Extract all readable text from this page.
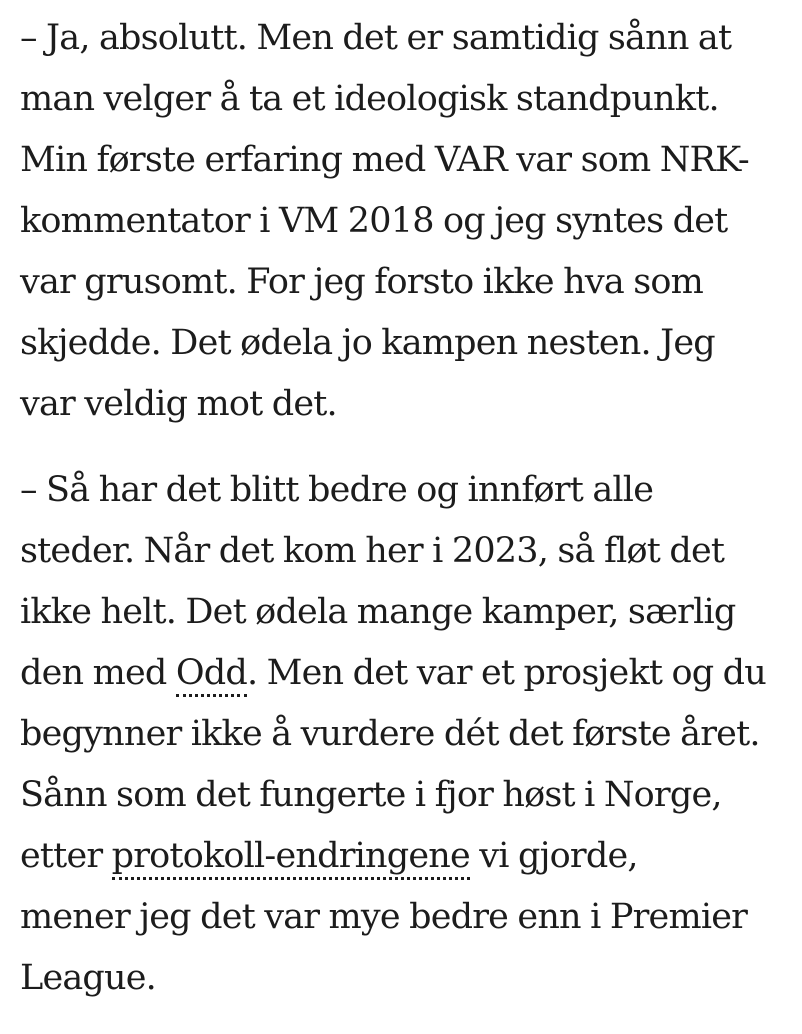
– Ja, absolutt. Men det er samtidig sånn at
man velger å ta et ideologisk standpunkt.
Min første erfaring med VAR var som NRK-
kommentator i VM 2018 og jeg syntes det
var grusomt. For jeg forsto ikke hva som
skjedde. Det ødela jo kampen nesten. Jeg
var veldig mot det.

– Så har det blitt bedre og innført alle
steder. Når det kom her i 2023, så fløt det
ikke helt. Det ødela mange kamper, særlig
den med Odd. Men det var et prosjekt og du
begynner ikke å vurdere dét det første året.
Sånn som det fungerte i fjor høst i Norge,
etter protokoll-endringene vi gjorde,
mener jeg det var mye bedre enn i Premier
League.
